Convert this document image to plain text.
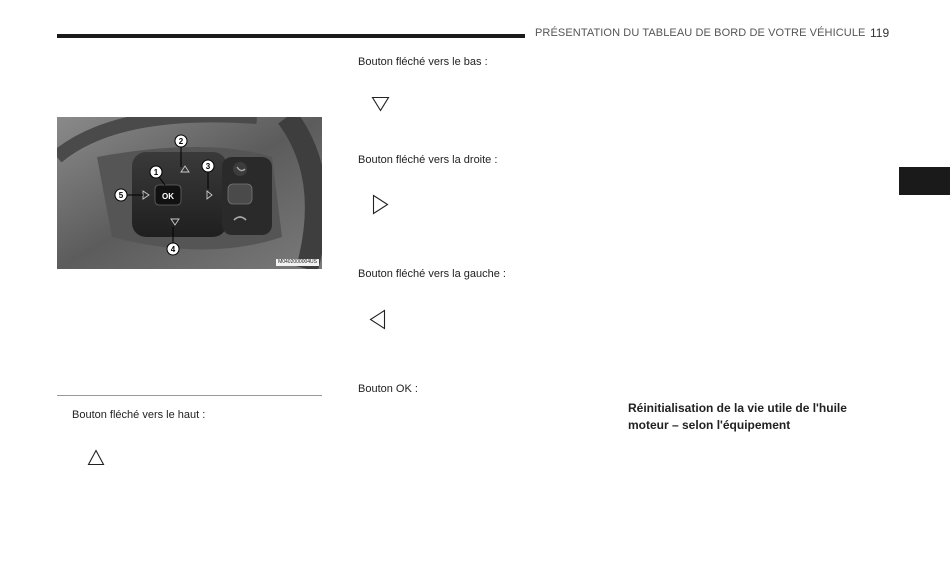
PRÉSENTATION DU TABLEAU DE BORD DE VOTRE VÉHICULE 119
OK
1
2
3
4
5
M0402000004US
Bouton fléché vers le haut :
Bouton fléché vers le bas :
Bouton fléché vers la droite :
Bouton fléché vers la gauche :
Bouton OK :
Réinitialisation de la vie utile de l'huile moteur – selon l'équipement
